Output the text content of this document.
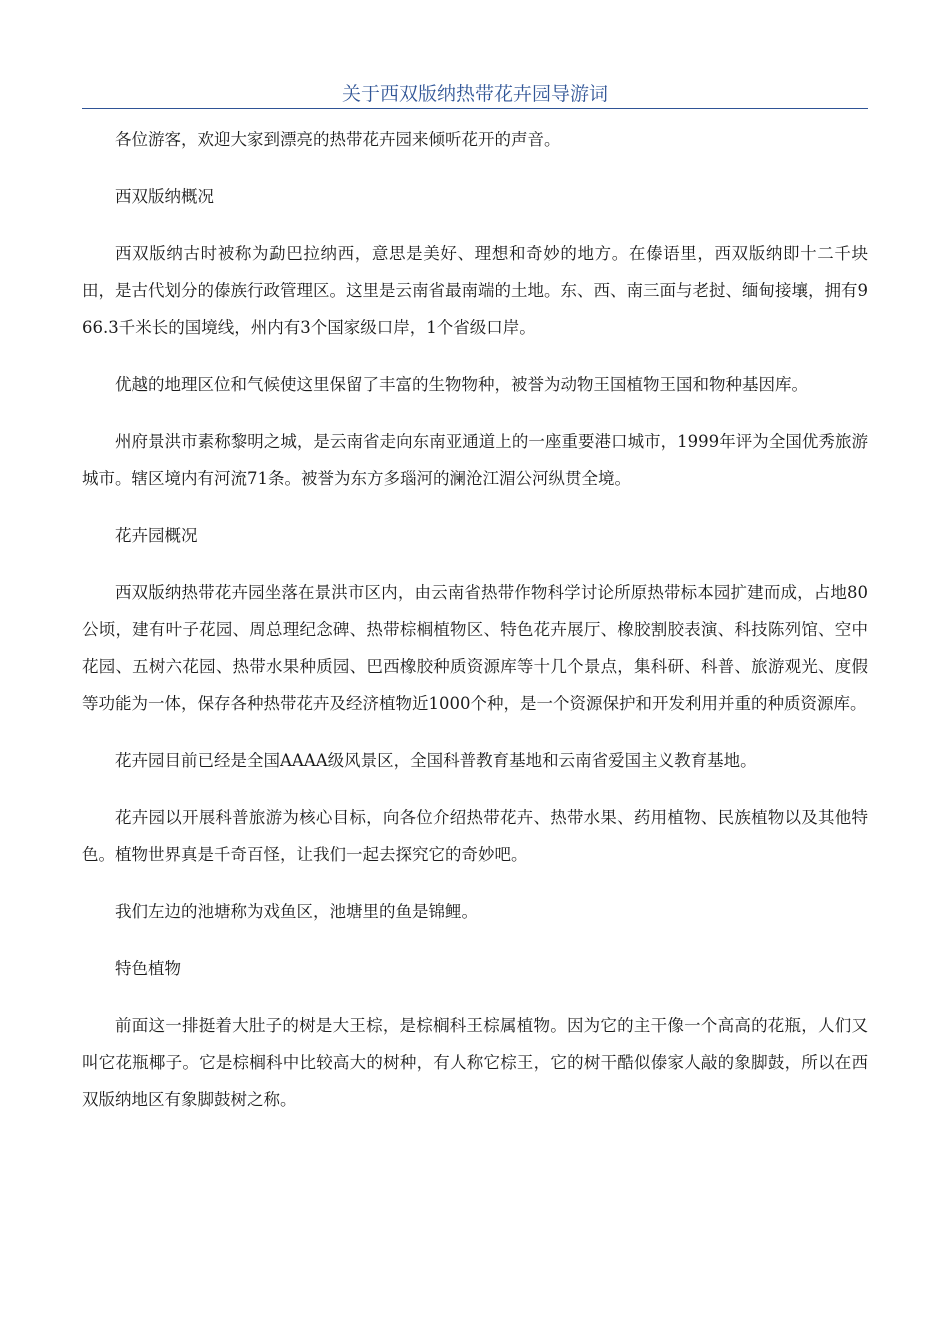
关于西双版纳热带花卉园导游词

各位游客，欢迎大家到漂亮的热带花卉园来倾听花开的声音。

西双版纳概况

西双版纳古时被称为勐巴拉纳西，意思是美好、理想和奇妙的地方。在傣语里，西双版纳即十二千块田，是古代划分的傣族行政管理区。这里是云南省最南端的土地。东、西、南三面与老挝、缅甸接壤，拥有966.3千米长的国境线，州内有3个国家级口岸，1个省级口岸。

优越的地理区位和气候使这里保留了丰富的生物物种，被誉为动物王国植物王国和物种基因库。

州府景洪市素称黎明之城，是云南省走向东南亚通道上的一座重要港口城市，1999年评为全国优秀旅游城市。辖区境内有河流71条。被誉为东方多瑙河的澜沧江湄公河纵贯全境。

花卉园概况

西双版纳热带花卉园坐落在景洪市区内，由云南省热带作物科学讨论所原热带标本园扩建而成，占地80公顷，建有叶子花园、周总理纪念碑、热带棕榈植物区、特色花卉展厅、橡胶割胶表演、科技陈列馆、空中花园、五树六花园、热带水果种质园、巴西橡胶种质资源库等十几个景点，集科研、科普、旅游观光、度假等功能为一体，保存各种热带花卉及经济植物近1000个种，是一个资源保护和开发利用并重的种质资源库。

花卉园目前已经是全国AAAA级风景区，全国科普教育基地和云南省爱国主义教育基地。

花卉园以开展科普旅游为核心目标，向各位介绍热带花卉、热带水果、药用植物、民族植物以及其他特色。植物世界真是千奇百怪，让我们一起去探究它的奇妙吧。

我们左边的池塘称为戏鱼区，池塘里的鱼是锦鲤。

特色植物

前面这一排挺着大肚子的树是大王棕，是棕榈科王棕属植物。因为它的主干像一个高高的花瓶，人们又叫它花瓶椰子。它是棕榈科中比较高大的树种，有人称它棕王，它的树干酷似傣家人敲的象脚鼓，所以在西双版纳地区有象脚鼓树之称。
